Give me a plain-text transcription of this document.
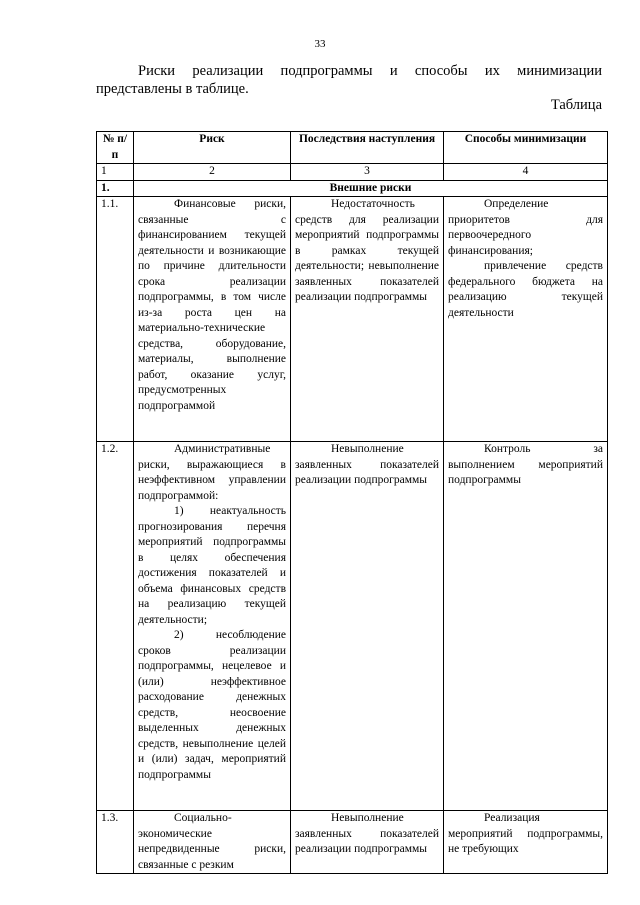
33
Риски реализации подпрограммы и способы их минимизации
представлены в таблице.
Таблица
№ п/п	Риск	Последствия наступления	Способы минимизации
1	2	3	4
1.	Внешние риски		
1.1.	Финансовые риски, связанные с финансированием текущей деятельности и возникающие по причине длительности срока реализации подпрограммы, в том числе из-за роста цен на материально-технические средства, оборудование, материалы, выполнение работ, оказание услуг, предусмотренных подпрограммой	Недостаточность средств для реализации мероприятий подпрограммы в рамках текущей деятельности; невыполнение заявленных показателей реализации подпрограммы	Определение приоритетов для первоочередного финансирования;
привлечение средств федерального бюджета на реализацию текущей деятельности

1.2.	Административные риски, выражающиеся в неэффективном управлении подпрограммой:
1) неактуальность прогнозирования перечня мероприятий подпрограммы в целях обеспечения достижения показателей и объема финансовых средств на реализацию текущей деятельности;
2) несоблюдение сроков реализации подпрограммы, нецелевое и (или) неэффективное расходование денежных средств, неосвоение выделенных денежных средств, невыполнение целей и (или) задач, мероприятий подпрограммы	Невыполнение заявленных показателей реализации подпрограммы	Контроль за выполнением мероприятий подпрограммы

1.3.	Социально-экономические непредвиденные риски, связанные с резким	Невыполнение заявленных показателей реализации подпрограммы	Реализация мероприятий подпрограммы, не требующих
